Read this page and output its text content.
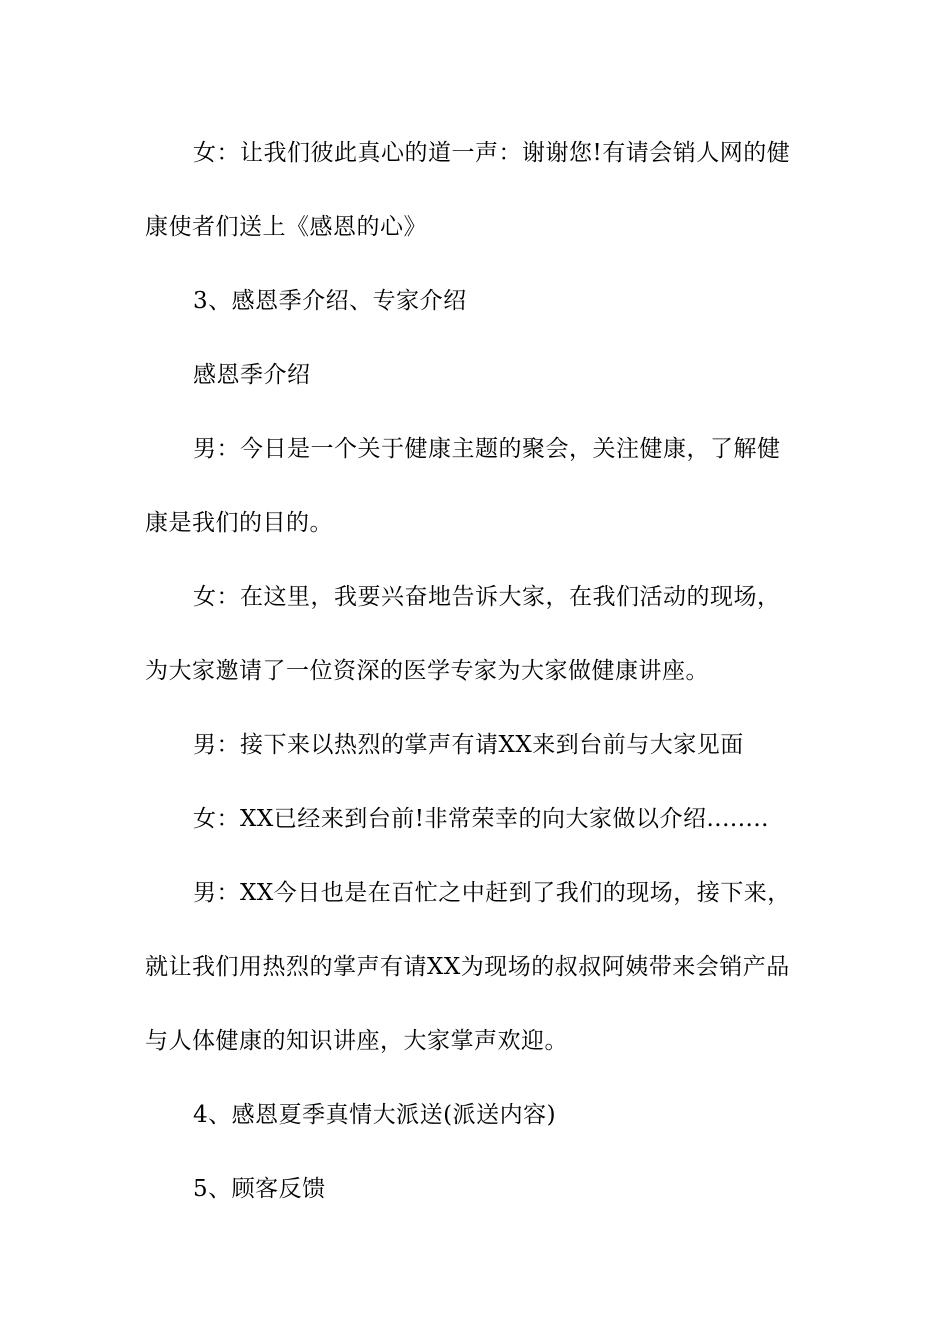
女：让我们彼此真心的道一声：谢谢您!有请会销人网的健
康使者们送上《感恩的心》
3、感恩季介绍、专家介绍
感恩季介绍
男：今日是一个关于健康主题的聚会，关注健康，了解健
康是我们的目的。
女：在这里，我要兴奋地告诉大家，在我们活动的现场，
为大家邀请了一位资深的医学专家为大家做健康讲座。
男：接下来以热烈的掌声有请XX来到台前与大家见面
女：XX已经来到台前!非常荣幸的向大家做以介绍........
男：XX今日也是在百忙之中赶到了我们的现场，接下来，
就让我们用热烈的掌声有请XX为现场的叔叔阿姨带来会销产品
与人体健康的知识讲座，大家掌声欢迎。
4、感恩夏季真情大派送(派送内容)
5、顾客反馈
